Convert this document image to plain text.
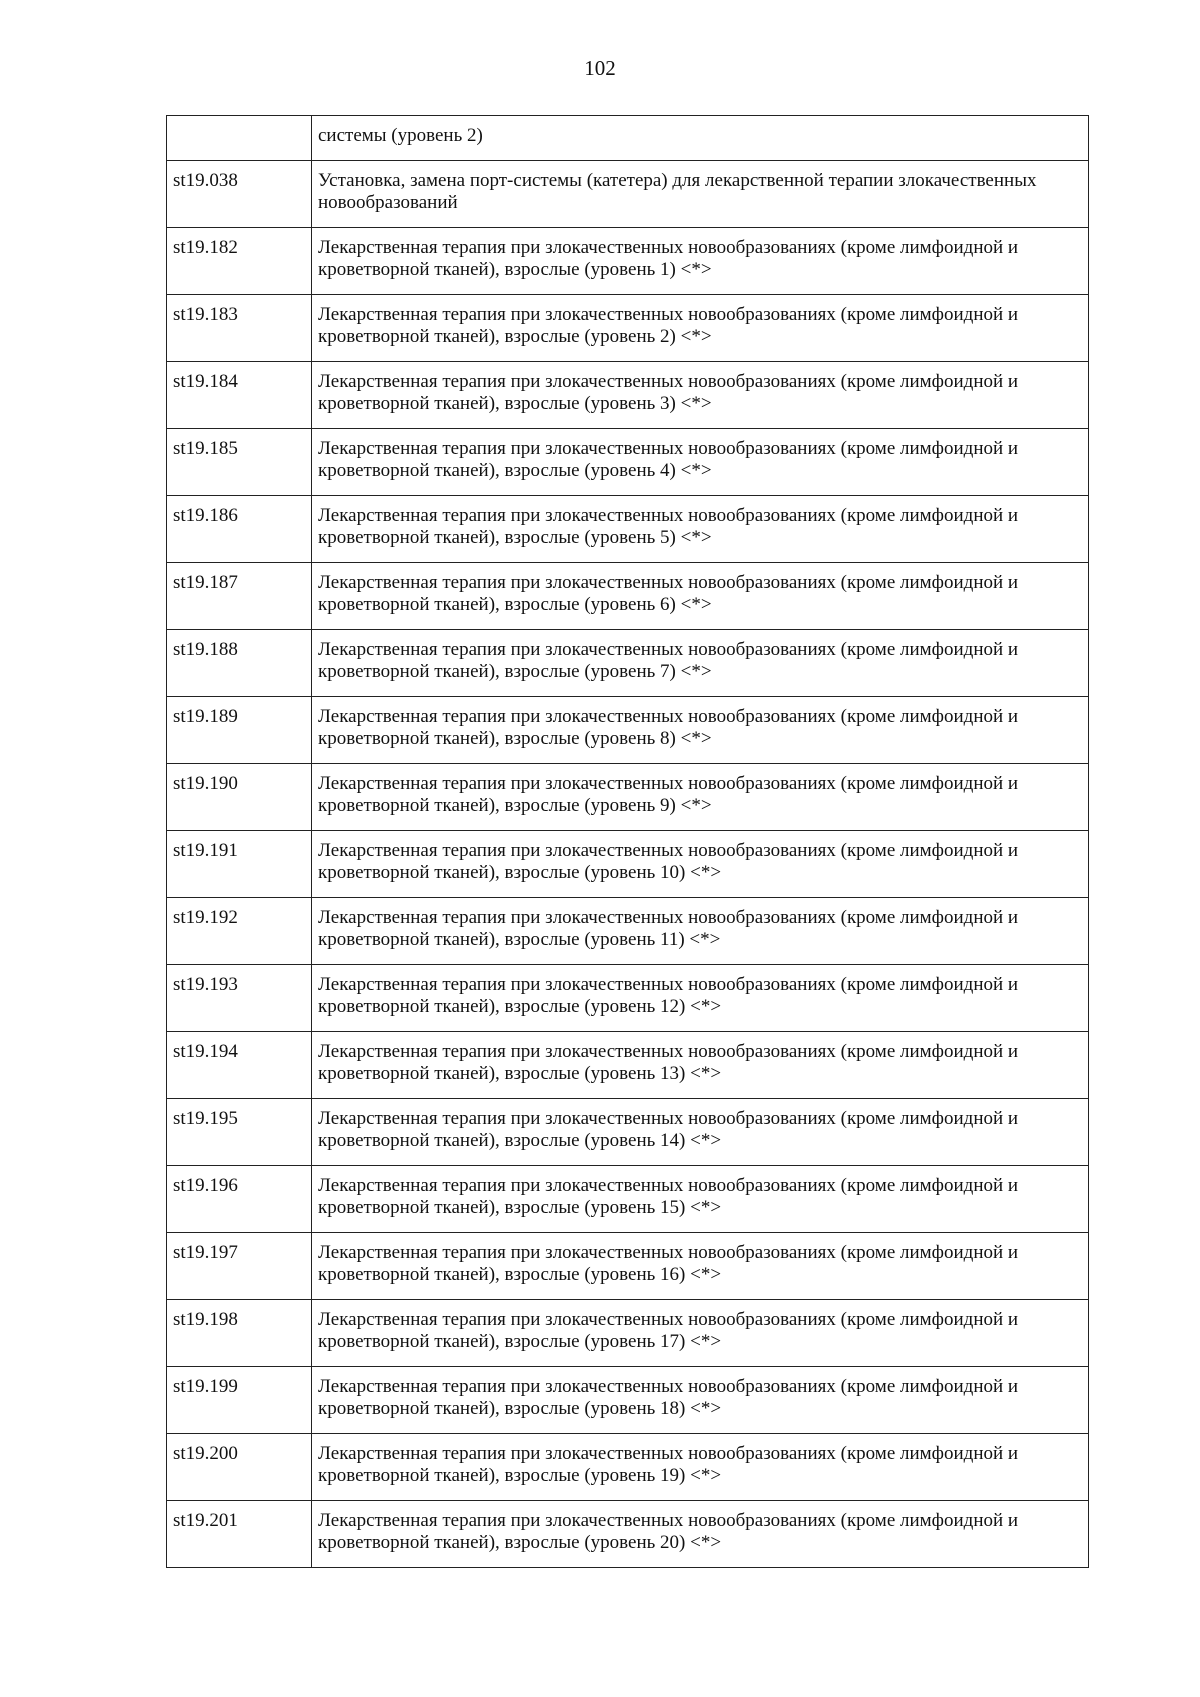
102
	системы (уровень 2)
st19.038	Установка, замена порт-системы (катетера) для лекарственной терапии злокачественных новообразований
st19.182	Лекарственная терапия при злокачественных новообразованиях (кроме лимфоидной и кроветворной тканей), взрослые (уровень 1) <*>
st19.183	Лекарственная терапия при злокачественных новообразованиях (кроме лимфоидной и кроветворной тканей), взрослые (уровень 2) <*>
st19.184	Лекарственная терапия при злокачественных новообразованиях (кроме лимфоидной и кроветворной тканей), взрослые (уровень 3) <*>
st19.185	Лекарственная терапия при злокачественных новообразованиях (кроме лимфоидной и кроветворной тканей), взрослые (уровень 4) <*>
st19.186	Лекарственная терапия при злокачественных новообразованиях (кроме лимфоидной и кроветворной тканей), взрослые (уровень 5) <*>
st19.187	Лекарственная терапия при злокачественных новообразованиях (кроме лимфоидной и кроветворной тканей), взрослые (уровень 6) <*>
st19.188	Лекарственная терапия при злокачественных новообразованиях (кроме лимфоидной и кроветворной тканей), взрослые (уровень 7) <*>
st19.189	Лекарственная терапия при злокачественных новообразованиях (кроме лимфоидной и кроветворной тканей), взрослые (уровень 8) <*>
st19.190	Лекарственная терапия при злокачественных новообразованиях (кроме лимфоидной и кроветворной тканей), взрослые (уровень 9) <*>
st19.191	Лекарственная терапия при злокачественных новообразованиях (кроме лимфоидной и кроветворной тканей), взрослые (уровень 10) <*>
st19.192	Лекарственная терапия при злокачественных новообразованиях (кроме лимфоидной и кроветворной тканей), взрослые (уровень 11) <*>
st19.193	Лекарственная терапия при злокачественных новообразованиях (кроме лимфоидной и кроветворной тканей), взрослые (уровень 12) <*>
st19.194	Лекарственная терапия при злокачественных новообразованиях (кроме лимфоидной и кроветворной тканей), взрослые (уровень 13) <*>
st19.195	Лекарственная терапия при злокачественных новообразованиях (кроме лимфоидной и кроветворной тканей), взрослые (уровень 14) <*>
st19.196	Лекарственная терапия при злокачественных новообразованиях (кроме лимфоидной и кроветворной тканей), взрослые (уровень 15) <*>
st19.197	Лекарственная терапия при злокачественных новообразованиях (кроме лимфоидной и кроветворной тканей), взрослые (уровень 16) <*>
st19.198	Лекарственная терапия при злокачественных новообразованиях (кроме лимфоидной и кроветворной тканей), взрослые (уровень 17) <*>
st19.199	Лекарственная терапия при злокачественных новообразованиях (кроме лимфоидной и кроветворной тканей), взрослые (уровень 18) <*>
st19.200	Лекарственная терапия при злокачественных новообразованиях (кроме лимфоидной и кроветворной тканей), взрослые (уровень 19) <*>
st19.201	Лекарственная терапия при злокачественных новообразованиях (кроме лимфоидной и кроветворной тканей), взрослые (уровень 20) <*>
